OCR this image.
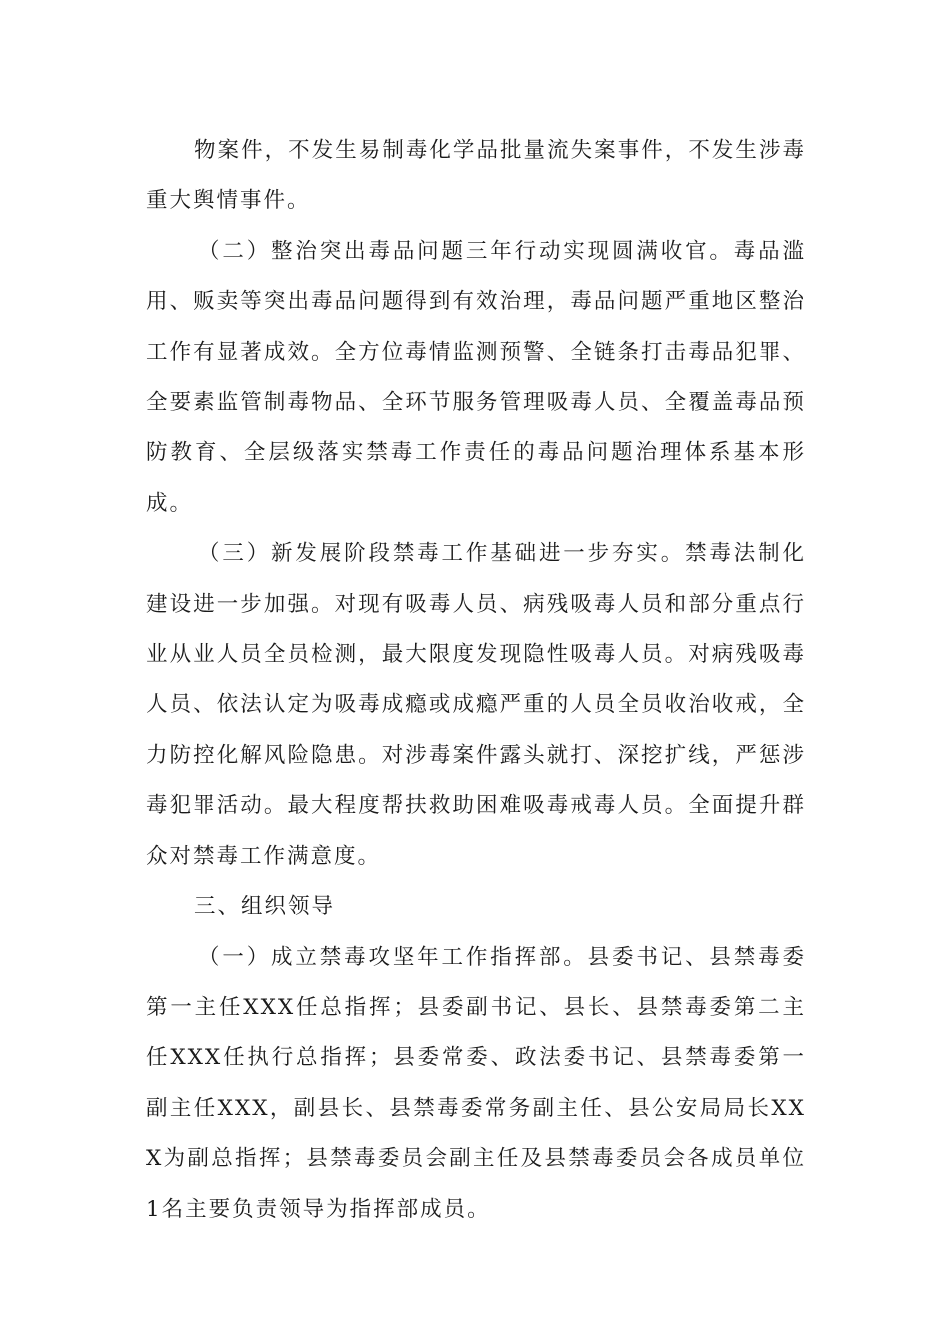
物案件，不发生易制毒化学品批量流失案事件，不发生涉毒重大舆情事件。

（二）整治突出毒品问题三年行动实现圆满收官。毒品滥用、贩卖等突出毒品问题得到有效治理，毒品问题严重地区整治工作有显著成效。全方位毒情监测预警、全链条打击毒品犯罪、全要素监管制毒物品、全环节服务管理吸毒人员、全覆盖毒品预防教育、全层级落实禁毒工作责任的毒品问题治理体系基本形成。

（三）新发展阶段禁毒工作基础进一步夯实。禁毒法制化建设进一步加强。对现有吸毒人员、病残吸毒人员和部分重点行业从业人员全员检测，最大限度发现隐性吸毒人员。对病残吸毒人员、依法认定为吸毒成瘾或成瘾严重的人员全员收治收戒，全力防控化解风险隐患。对涉毒案件露头就打、深挖扩线，严惩涉毒犯罪活动。最大程度帮扶救助困难吸毒戒毒人员。全面提升群众对禁毒工作满意度。

三、组织领导

（一）成立禁毒攻坚年工作指挥部。县委书记、县禁毒委第一主任XXX任总指挥；县委副书记、县长、县禁毒委第二主任XXX任执行总指挥；县委常委、政法委书记、县禁毒委第一副主任XXX，副县长、县禁毒委常务副主任、县公安局局长XXX为副总指挥；县禁毒委员会副主任及县禁毒委员会各成员单位1名主要负责领导为指挥部成员。
